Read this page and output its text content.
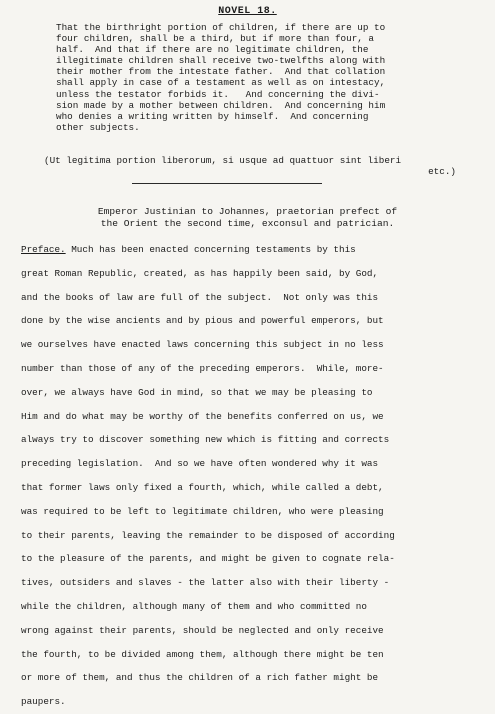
NOVEL 18.
That the birthright portion of children, if there are up to
four children, shall be a third, but if more than four, a
half.  And that if there are no legitimate children, the
illegitimate children shall receive two-twelfths along with
their mother from the intestate father.  And that collation
shall apply in case of a testament as well as on intestacy,
unless the testator forbids it.   And concerning the divi-
sion made by a mother between children.  And concerning him
who denies a writing written by himself.  And concerning
other subjects.
(Ut legitima portion liberorum, si usque ad quattuor sint liberi
etc.)
Emperor Justinian to Johannes, praetorian prefect of
the Orient the second time, exconsul and patrician.
Preface. Much has been enacted concerning testaments by this
great Roman Republic, created, as has happily been said, by God,
and the books of law are full of the subject.  Not only was this
done by the wise ancients and by pious and powerful emperors, but
we ourselves have enacted laws concerning this subject in no less
number than those of any of the preceding emperors.  While, more-
over, we always have God in mind, so that we may be pleasing to
Him and do what may be worthy of the benefits conferred on us, we
always try to discover something new which is fitting and corrects
preceding legislation.  And so we have often wondered why it was
that former laws only fixed a fourth, which, while called a debt,
was required to be left to legitimate children, who were pleasing
to their parents, leaving the remainder to be disposed of according
to the pleasure of the parents, and might be given to cognate rela-
tives, outsiders and slaves - the latter also with their liberty -
while the children, although many of them and who committed no
wrong against their parents, should be neglected and only receive
the fourth, to be divided among them, although there might be ten
or more of them, and thus the children of a rich father might be
paupers.
